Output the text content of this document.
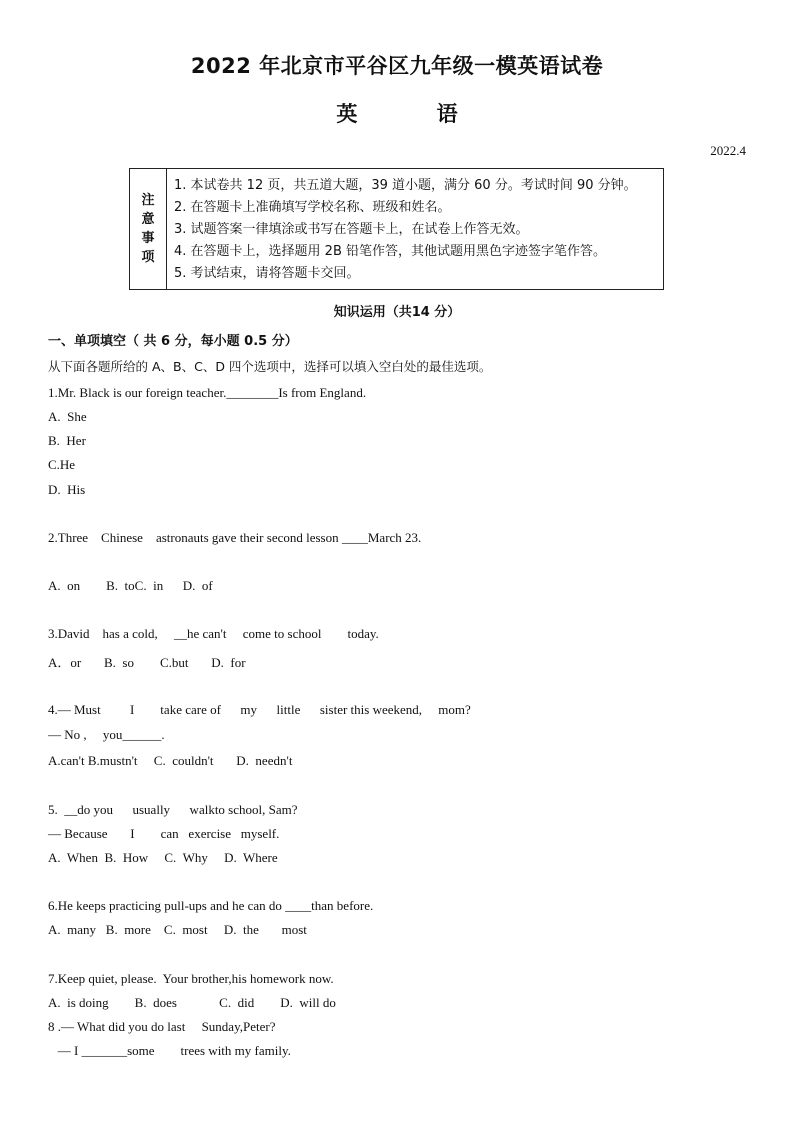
2022 年北京市平谷区九年级一模英语试卷
英 语
2022.4
注
意
事
项
1. 本试卷共 12 页，共五道大题，39 道小题，满分 60 分。考试时间 90 分钟。
2. 在答题卡上准确填写学校名称、班级和姓名。
3. 试题答案一律填涂或书写在答题卡上，在试卷上作答无效。
4. 在答题卡上，选择题用 2B 铅笔作答，其他试题用黑色字迹签字笔作答。
5. 考试结束，请将答题卡交回。
知识运用（共14 分）
一、单项填空（ 共 6 分，每小题 0.5 分）
从下面各题所给的 A、B、C、D 四个选项中，选择可以填入空白处的最佳选项。
1.Mr. Black is our foreign teacher.________Is from England.
A.  She
B.  Her
C.He
D.  His
2.Three    Chinese    astronauts gave their second lesson ____March 23.
A.  on        B.  toC.  in      D.  of
3.David    has a cold,     __he can't     come to school        today.
A．or       B.  so        C.but       D.  for
4.— Must         I        take care of      my      little      sister this weekend,     mom?
— No ,     you______.
A.can't B.mustn't     C.  couldn't       D.  needn't
5.  __do you      usually      walkto school, Sam?
— Because       I        can   exercise   myself.
A.  When  B.  How     C.  Why     D.  Where
6.He keeps practicing pull-ups and he can do ____than before.
A.  many   B.  more    C.  most     D.  the       most
7.Keep quiet, please.  Your brother,his homework now.
A.  is doing        B.  does             C.  did        D.  will do
8 .— What did you do last     Sunday,Peter?
— I _______some        trees with my family.
